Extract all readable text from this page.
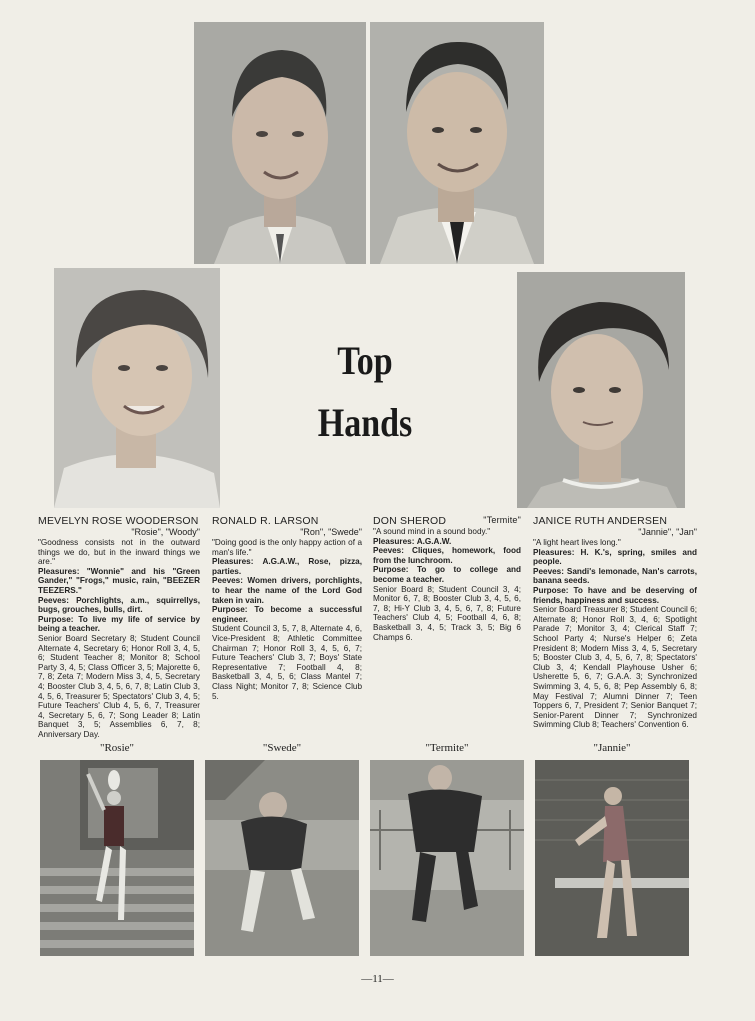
Top
Hands
MEVELYN ROSE WOODERSON
"Rosie", "Woody"

"Goodness consists not in the outward things we do, but in the inward things we are."

Pleasures: "Wonnie" and his "Green Gander," "Frogs," music, rain, "BEEZER TEEZERS."

Peeves: Porchlights, a.m., squirrellys, bugs, grouches, bulls, dirt.

Purpose: To live my life of service by being a teacher.

Senior Board Secretary 8; Student Council Alternate 4, Secretary 6; Honor Roll 3, 4, 5, 6; Student Teacher 8; Monitor 8; School Party 3, 4, 5; Class Officer 3, 5; Majorette 6, 7, 8; Zeta 7; Modern Miss 3, 4, 5, Secretary 4; Booster Club 3, 4, 5, 6, 7, 8; Latin Club 3, 4, 5, 6, Treasurer 5; Spectators' Club 3, 4, 5; Future Teachers' Club 4, 5, 6, 7, Treasurer 4, Secretary 5, 6, 7; Song Leader 8; Latin Banquet 3, 5; Assemblies 6, 7, 8; Anniversary Day.

RONALD R. LARSON
"Ron", "Swede"

"Doing good is the only happy action of a man's life."

Pleasures: A.G.A.W., Rose, pizza, parties.

Peeves: Women drivers, porchlights, to hear the name of the Lord God taken in vain.

Purpose: To become a successful engineer.

Student Council 3, 5, 7, 8, Alternate 4, 6, Vice-President 8; Athletic Committee Chairman 7; Honor Roll 3, 4, 5, 6, 7; Future Teachers' Club 3, 7; Boys' State Representative 7; Football 4, 8; Basketball 3, 4, 5, 6; Class Mantel 7; Class Night; Monitor 7, 8; Science Club 5.

DON SHEROD	"Termite"

"A sound mind in a sound body."

Pleasures: A.G.A.W.

Peeves: Cliques, homework, food from the lunchroom.

Purpose: To go to college and become a teacher.

Senior Board 8; Student Council 3, 4; Monitor 6, 7, 8; Booster Club 3, 4, 5, 6, 7, 8; Hi-Y Club 3, 4, 5, 6, 7, 8; Future Teachers' Club 4, 5; Football 4, 6, 8; Basketball 3, 4, 5; Track 3, 5; Big 6 Champs 6.

JANICE RUTH ANDERSEN
"Jannie", "Jan"

"A light heart lives long."

Pleasures: H. K.'s, spring, smiles and people.

Peeves: Sandi's lemonade, Nan's carrots, banana seeds.

Purpose: To have and be deserving of friends, happiness and success.

Senior Board Treasurer 8; Student Council 6; Alternate 8; Honor Roll 3, 4, 6; Spotlight Parade 7; Monitor 3, 4; Clerical Staff 7; School Party 4; Nurse's Helper 6; Zeta President 8; Modern Miss 3, 4, 5, Secretary 5; Booster Club 3, 4, 5, 6, 7, 8; Spectators' Club 3, 4; Kendall Playhouse Usher 6; Usherette 5, 6, 7; G.A.A. 3; Synchronized Swimming 3, 4, 5, 6, 8; Pep Assembly 6, 8; May Festival 7; Alumni Dinner 7; Teen Toppers 6, 7, President 7; Senior Banquet 7; Senior-Parent Dinner 7; Synchronized Swimming Club 8; Teachers' Convention 6.

"Rosie"	"Swede"	"Termite"	"Jannie"
—11—
